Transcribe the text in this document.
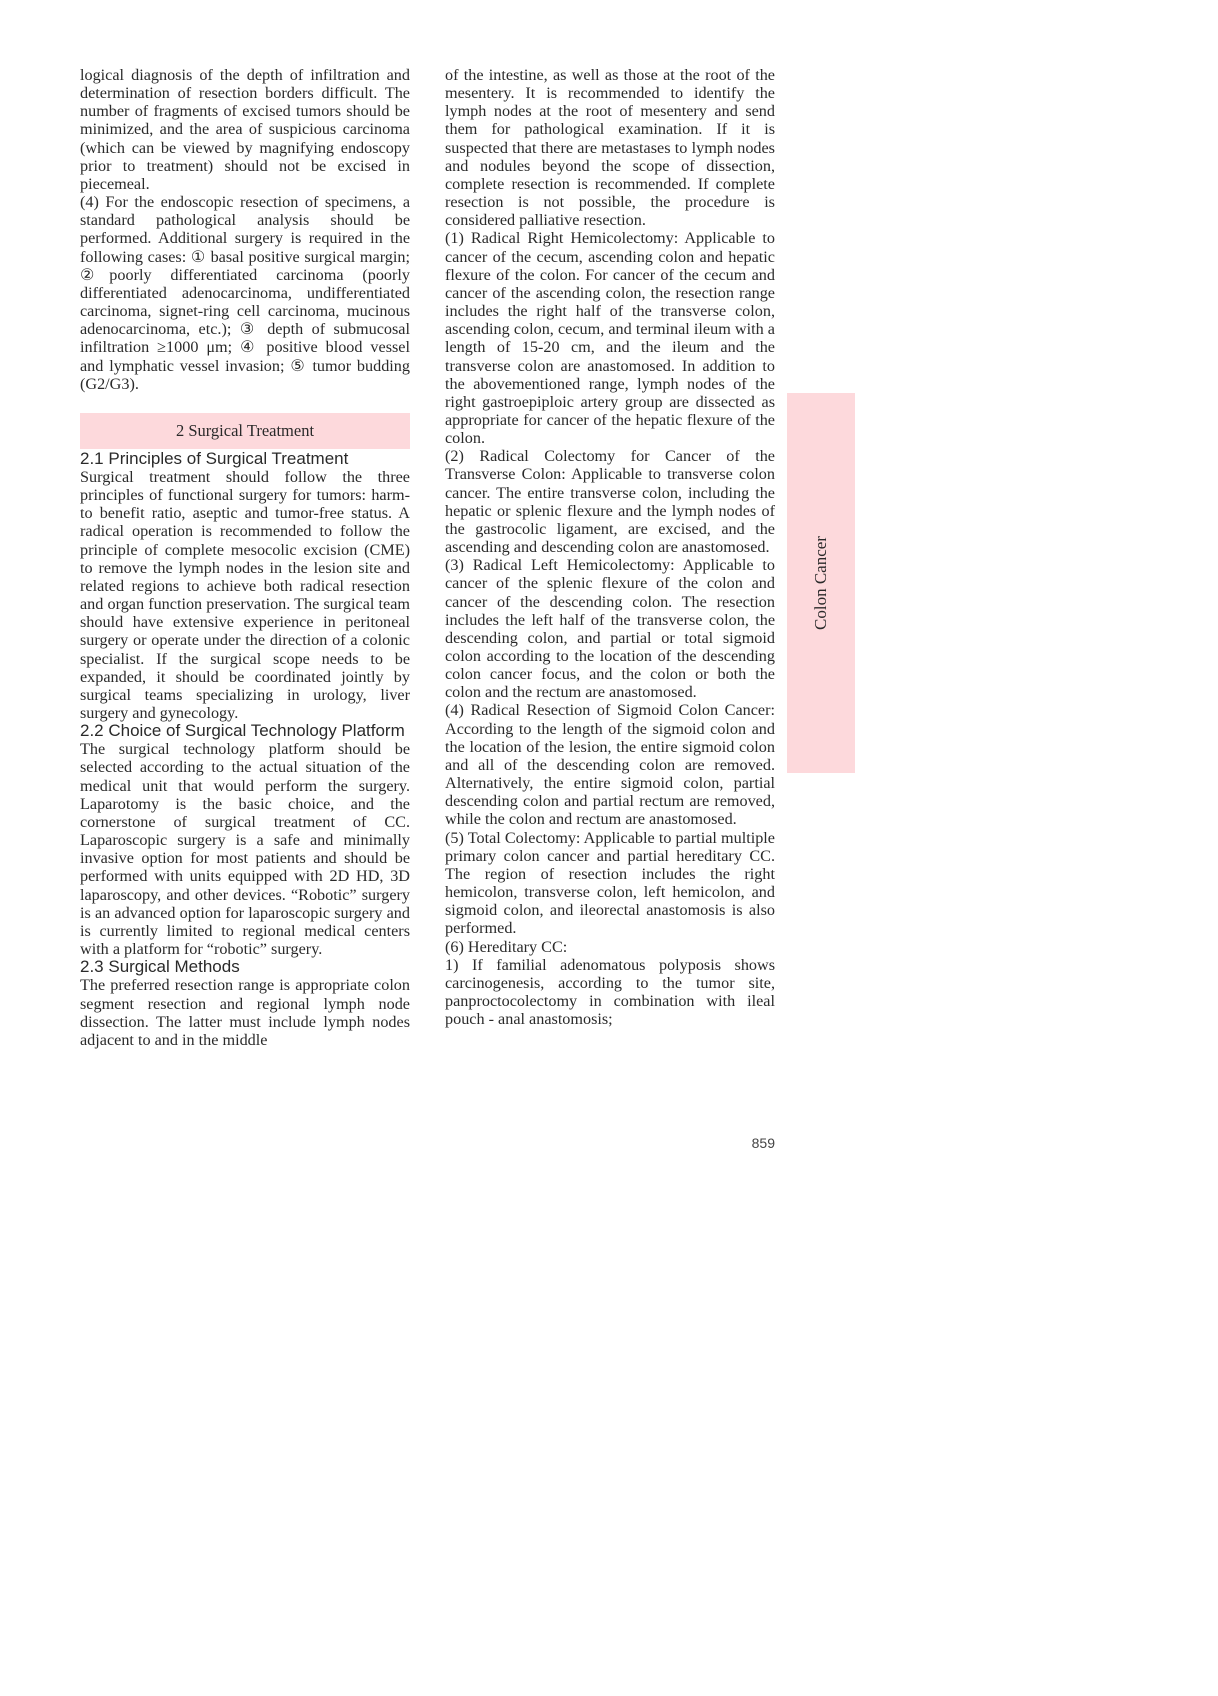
logical diagnosis of the depth of infiltration and determination of resection borders difficult. The number of fragments of excised tumors should be minimized, and the area of suspicious carcinoma (which can be viewed by magnifying endoscopy prior to treatment) should not be excised in piecemeal.

(4) For the endoscopic resection of specimens, a standard pathological analysis should be performed. Additional surgery is required in the following cases: ① basal positive surgical margin; ②poorly differentiated carcinoma (poorly differentiated adenocarcinoma, undifferentiated carcinoma, signet-ring cell carcinoma, mucinous adenocarcinoma, etc.); ③ depth of submucosal infiltration ≥1000 μm; ④ positive blood vessel and lymphatic vessel invasion; ⑤ tumor budding (G2/G3).

2 Surgical Treatment
2.1 Principles of Surgical Treatment

Surgical treatment should follow the three principles of functional surgery for tumors: harm-to benefit ratio, aseptic and tumor-free status. A radical operation is recommended to follow the principle of complete mesocolic excision (CME) to remove the lymph nodes in the lesion site and related regions to achieve both radical resection and organ function preservation. The surgical team should have extensive experience in peritoneal surgery or operate under the direction of a colonic specialist. If the surgical scope needs to be expanded, it should be coordinated jointly by surgical teams specializing in urology, liver surgery and gynecology.

2.2 Choice of Surgical Technology Platform

The surgical technology platform should be selected according to the actual situation of the medical unit that would perform the surgery. Laparotomy is the basic choice, and the cornerstone of surgical treatment of CC. Laparoscopic surgery is a safe and minimally invasive option for most patients and should be performed with units equipped with 2D HD, 3D laparoscopy, and other devices. “Robotic” surgery is an advanced option for laparoscopic surgery and is currently limited to regional medical centers with a platform for “robotic” surgery.

2.3 Surgical Methods

The preferred resection range is appropriate colon segment resection and regional lymph node dissection. The latter must include lymph nodes adjacent to and in the middle

of the intestine, as well as those at the root of the mesentery. It is recommended to identify the lymph nodes at the root of mesentery and send them for pathological examination. If it is suspected that there are metastases to lymph nodes and nodules beyond the scope of dissection, complete resection is recommended. If complete resection is not possible, the procedure is considered palliative resection.

(1) Radical Right Hemicolectomy: Applicable to cancer of the cecum, ascending colon and hepatic flexure of the colon. For cancer of the cecum and cancer of the ascending colon, the resection range includes the right half of the transverse colon, ascending colon, cecum, and terminal ileum with a length of 15-20 cm, and the ileum and the transverse colon are anastomosed. In addition to the abovementioned range, lymph nodes of the right gastroepiploic artery group are dissected as appropriate for cancer of the hepatic flexure of the colon.

(2) Radical Colectomy for Cancer of the Transverse Colon: Applicable to transverse colon cancer. The entire transverse colon, including the hepatic or splenic flexure and the lymph nodes of the gastrocolic ligament, are excised, and the ascending and descending colon are anastomosed.

(3) Radical Left Hemicolectomy: Applicable to cancer of the splenic flexure of the colon and cancer of the descending colon. The resection includes the left half of the transverse colon, the descending colon, and partial or total sigmoid colon according to the location of the descending colon cancer focus, and the colon or both the colon and the rectum are anastomosed.

(4) Radical Resection of Sigmoid Colon Cancer: According to the length of the sigmoid colon and the location of the lesion, the entire sigmoid colon and all of the descending colon are removed. Alternatively, the entire sigmoid colon, partial descending colon and partial rectum are removed, while the colon and rectum are anastomosed.

(5) Total Colectomy: Applicable to partial multiple primary colon cancer and partial hereditary CC. The region of resection includes the right hemicolon, transverse colon, left hemicolon, and sigmoid colon, and ileorectal anastomosis is also performed.

(6) Hereditary CC:

1) If familial adenomatous polyposis shows carcinogenesis, according to the tumor site, panproctocolectomy in combination with ileal pouch - anal anastomosis;

Colon Cancer
859
